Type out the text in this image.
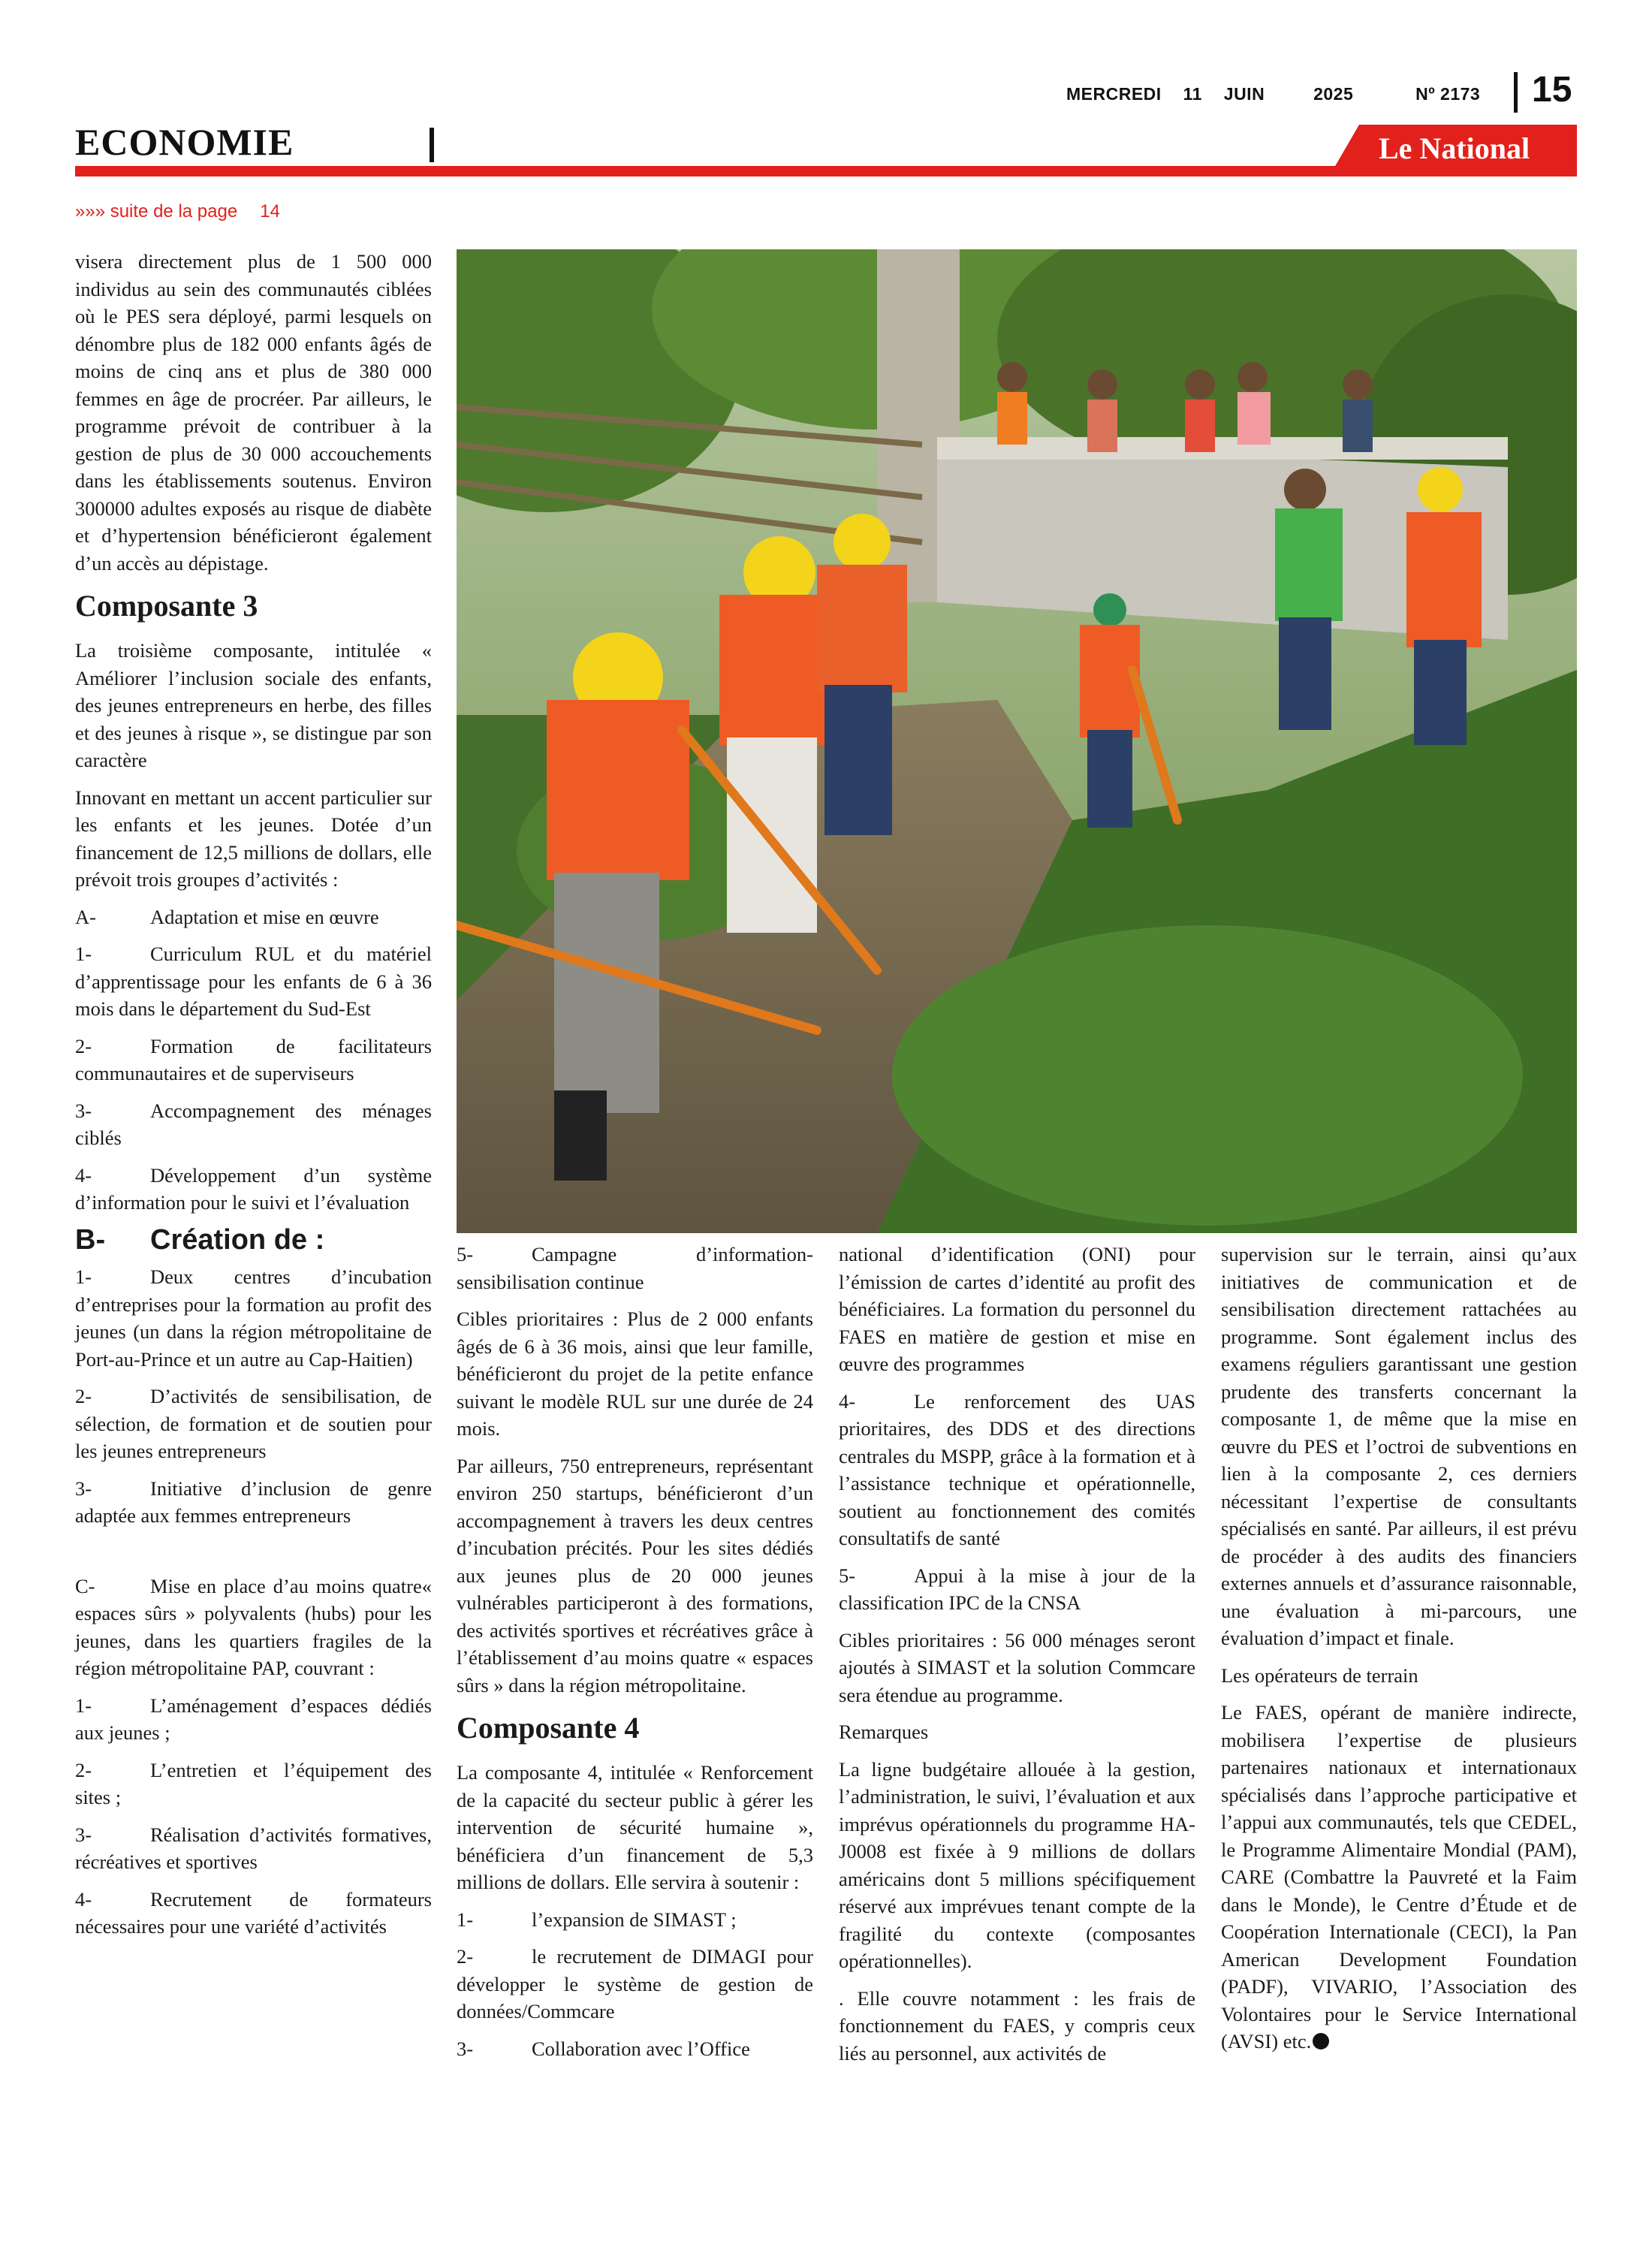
MERCREDI 11 JUIN	2025	Nº 2173 15
ECONOMIE	Le National
»»» suite de la page 14

visera directement plus de 1 500 000 individus au sein des communautés ciblées où le PES sera déployé, parmi lesquels on dénombre plus de 182 000 enfants âgés de moins de cinq ans et plus de 380 000 femmes en âge de procréer. Par ailleurs, le programme prévoit de contribuer à la gestion de plus de 30 000 accouchements dans les établissements soutenus. Environ 300000 adultes exposés au risque de diabète et d’hypertension bénéficieront également d’un accès au dépistage.

Composante 3

La troisième composante, intitulée « Améliorer l’inclusion sociale des enfants, des jeunes entrepreneurs en herbe, des filles et des jeunes à risque », se distingue par son caractère

Innovant en mettant un accent particulier sur les enfants et les jeunes. Dotée d’un financement de 12,5 millions de dollars, elle prévoit trois groupes d’activités :

A-	Adaptation et mise en œuvre

1-	Curriculum RUL et du matériel d’apprentissage pour les enfants de 6 à 36 mois dans le département du Sud-Est

2-	Formation de facilitateurs communautaires et de superviseurs

3-	Accompagnement des ménages ciblés

4-	Développement d’un système d’information pour le suivi et l’évaluation

B- Création de :

1-	Deux centres d’incubation d’entreprises pour la formation au profit des jeunes (un dans la région métropolitaine de Port-au-Prince et un autre au Cap-Haitien)

2-	D’activités de sensibilisation, de sélection, de formation et de soutien pour les jeunes entrepreneurs

3-	Initiative d’inclusion de genre adaptée aux femmes entrepreneurs

C-	Mise en place d’au moins quatre« espaces sûrs » polyvalents (hubs) pour les jeunes, dans les quartiers fragiles de la région métropolitaine PAP, couvrant :

1-	L’aménagement d’espaces dédiés aux jeunes ;

2-	L’entretien et l’équipement des sites ;

3-	Réalisation d’activités formatives, récréatives et sportives

4-	Recrutement de formateurs nécessaires pour une variété d’activités

5-	Campagne d’information-sensibilisation continue

Cibles prioritaires : Plus de 2 000 enfants âgés de 6 à 36 mois, ainsi que leur famille, bénéficieront du projet de la petite enfance suivant le modèle RUL sur une durée de 24 mois.

Par ailleurs, 750 entrepreneurs, représentant environ 250 startups, bénéficieront d’un accompagnement à travers les deux centres d’incubation précités. Pour les sites dédiés aux jeunes plus de 20 000 jeunes vulnérables participeront à des formations, des activités sportives et récréatives grâce à l’établissement d’au moins quatre « espaces sûrs » dans la région métropolitaine.

Composante 4

La composante 4, intitulée « Renforcement de la capacité du secteur public à gérer les intervention de sécurité humaine », bénéficiera d’un financement de 5,3 millions de dollars. Elle servira à soutenir :

1-	l’expansion de SIMAST ;

2-	le recrutement de DIMAGI pour développer le système de gestion de données/Commcare

3-	Collaboration avec l’Office

national d’identification (ONI) pour l’émission de cartes d’identité au profit des bénéficiaires. La formation du personnel du FAES en matière de gestion et mise en œuvre des programmes

4-	Le renforcement des UAS prioritaires, des DDS et des directions centrales du MSPP, grâce à la formation et à l’assistance technique et opérationnelle, soutient au fonctionnement des comités consultatifs de santé

5-	Appui à la mise à jour de la classification IPC de la CNSA

Cibles prioritaires : 56 000 ménages seront ajoutés à SIMAST et la solution Commcare sera étendue au programme.

Remarques

La ligne budgétaire allouée à la gestion, l’administration, le suivi, l’évaluation et aux imprévus opérationnels du programme HA-J0008 est fixée à 9 millions de dollars américains dont 5 millions spécifiquement réservé aux imprévues tenant compte de la fragilité du contexte (composantes opérationnelles).

. Elle couvre notamment : les frais de fonctionnement du FAES, y compris ceux liés au personnel, aux activités de

supervision sur le terrain, ainsi qu’aux initiatives de communication et de sensibilisation directement rattachées au programme. Sont également inclus des examens réguliers garantissant une gestion prudente des transferts concernant la composante 1, de même que la mise en œuvre du PES et l’octroi de subventions en lien à la composante 2, ces derniers nécessitant l’expertise de consultants spécialisés en santé. Par ailleurs, il est prévu de procéder à des audits des financiers externes annuels et d’assurance raisonnable, une évaluation à mi-parcours, une évaluation d’impact et finale.

Les opérateurs de terrain

Le FAES, opérant de manière indirecte, mobilisera l’expertise de plusieurs partenaires nationaux et internationaux spécialisés dans l’approche participative et l’appui aux communautés, tels que CEDEL, le Programme Alimentaire Mondial (PAM), CARE (Combattre la Pauvreté et la Faim dans le Monde), le Centre d’Étude et de Coopération Internationale (CECI), la Pan American Development Foundation (PADF), VIVARIO, l’Association des Volontaires pour le Service International (AVSI) etc.
